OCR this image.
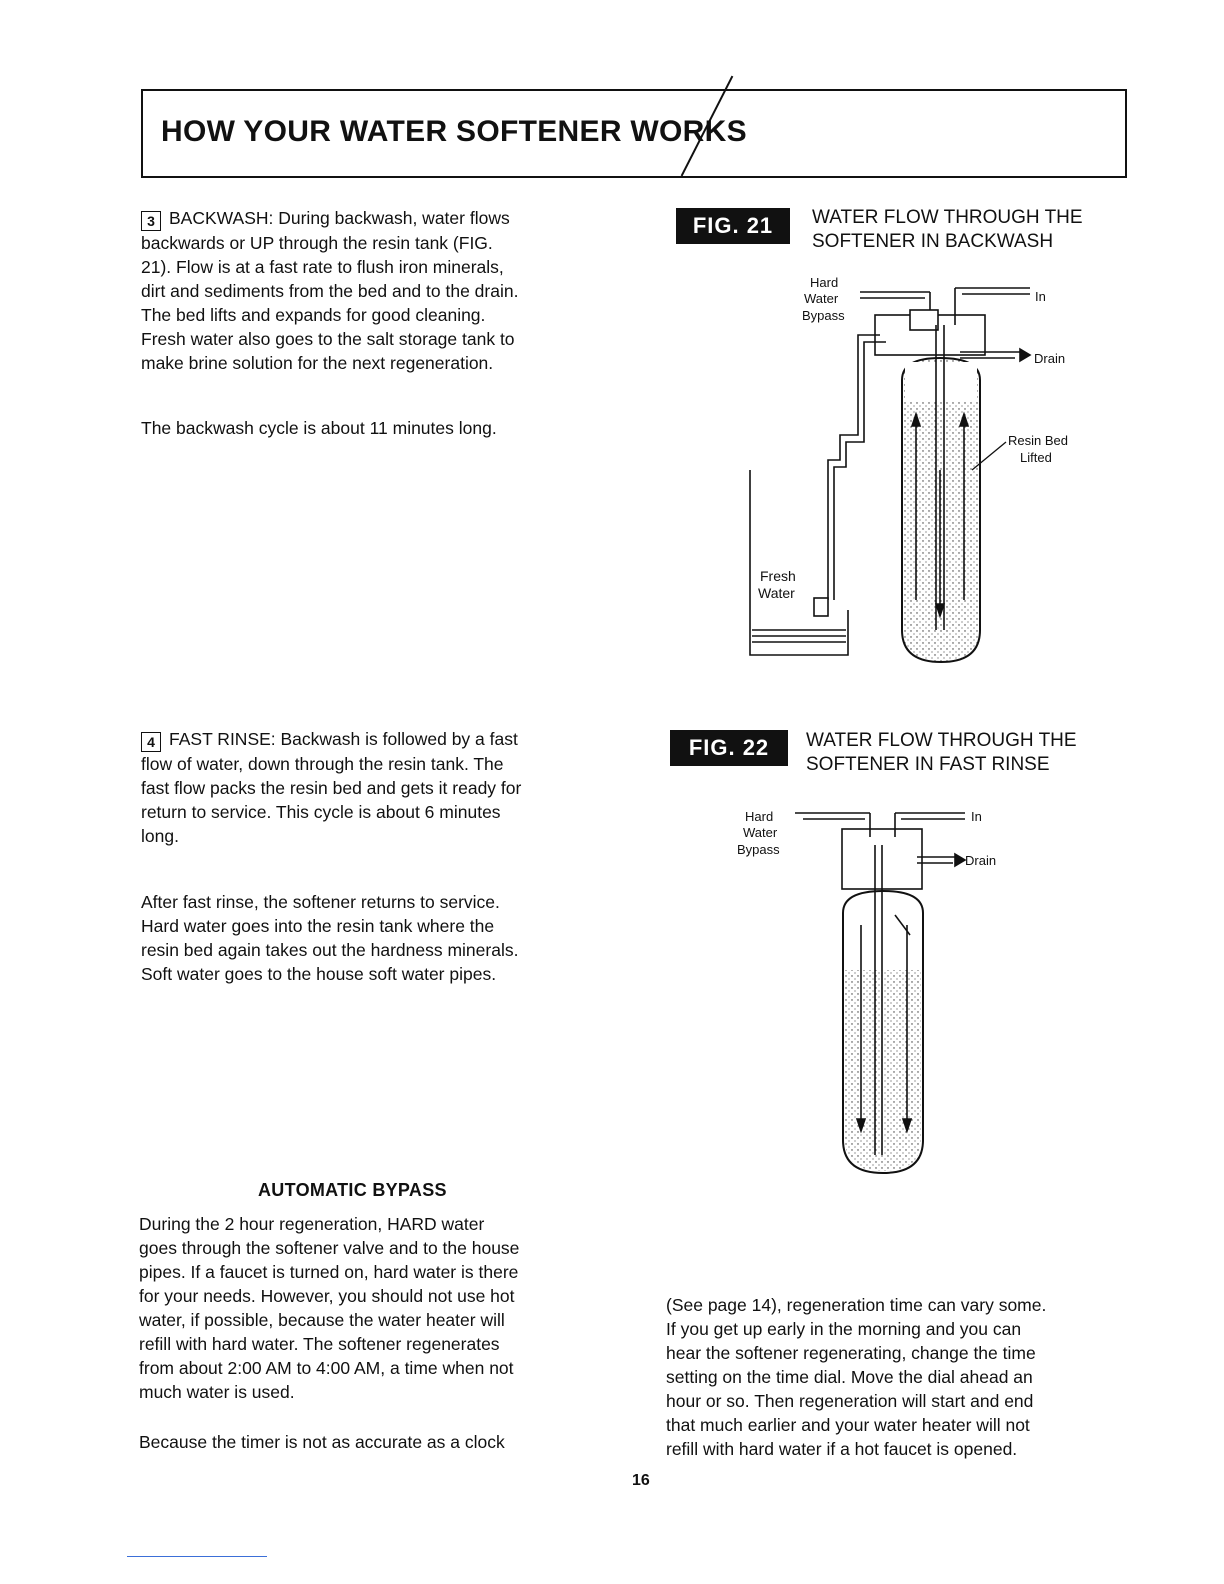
HOW YOUR WATER SOFTENER WORKS
3 BACKWASH: During backwash, water flows
backwards or UP through the resin tank (FIG.
21). Flow is at a fast rate to flush iron minerals,
dirt and sediments from the bed and to the drain.
The bed lifts and expands for good cleaning.
Fresh water also goes to the salt storage tank to
make brine solution for the next regeneration.
The backwash cycle is about 11 minutes long.
4 FAST RINSE: Backwash is followed by a fast
flow of water, down through the resin tank. The
fast flow packs the resin bed and gets it ready for
return to service. This cycle is about 6 minutes
long.
After fast rinse, the softener returns to service.
Hard water goes into the resin tank where the
resin bed again takes out the hardness minerals.
Soft water goes to the house soft water pipes.
AUTOMATIC BYPASS
During the 2 hour regeneration, HARD water
goes through the softener valve and to the house
pipes. If a faucet is turned on, hard water is there
for your needs. However, you should not use hot
water, if possible, because the water heater will
refill with hard water. The softener regenerates
from about 2:00 AM to 4:00 AM, a time when not
much water is used.
Because the timer is not as accurate as a clock
(See page 14), regeneration time can vary some.
If you get up early in the morning and you can
hear the softener regenerating, change the time
setting on the time dial. Move the dial ahead an
hour or so. Then regeneration will start and end
that much earlier and your water heater will not
refill with hard water if a hot faucet is opened.
FIG. 21	WATER FLOW THROUGH THE
SOFTENER IN BACKWASH
Hard
Water
Bypass
In
Drain
Resin Bed
Lifted
Fresh
Water
FIG. 22	WATER FLOW THROUGH THE
SOFTENER IN FAST RINSE
Hard
Water
Bypass
In
Drain
16
